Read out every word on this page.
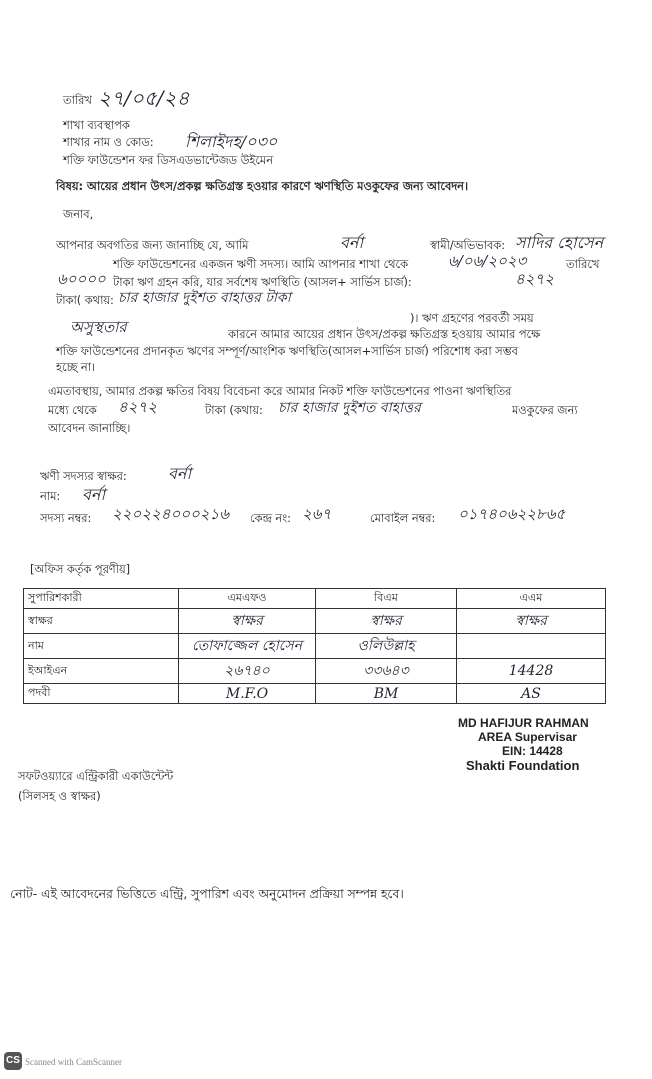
তারিখ ২৭/০৫/২৪
শাখা ব্যবস্থাপক
শাখার নাম ও কোড: শিলাইদহ/০৩০
শক্তি ফাউন্ডেশন ফর ডিসএডভান্টেজড উইমেন
বিষয়: আয়ের প্রধান উৎস/প্রকল্প ক্ষতিগ্রস্ত হওয়ার কারণে ঋণস্থিতি মওকুফের জন্য আবেদন।
জনাব,
আপনার অবগতির জন্য জানাচ্ছি যে, আমি	বর্না	স্বামী/অভিভাবক: সাদির হোসেন
শক্তি ফাউন্ডেশনের একজন ঋণী সদস্য। আমি আপনার শাখা থেকে	৬/০৬/২০২৩	তারিখে
৬০০০০ টাকা ঋণ গ্রহন করি, যার সর্বশেষ ঋণস্থিতি (আসল+ সার্ভিস চার্জ):	৪২৭২
টাকা( কথায়: চার হাজার দুইশত বাহাত্তর টাকা
)। ঋণ গ্রহণের পরবর্তী সময়
অসুস্থতার	কারনে আমার আয়ের প্রধান উৎস/প্রকল্প ক্ষতিগ্রস্ত হওয়ায় আমার পক্ষে
শক্তি ফাউন্ডেশনের প্রদানকৃত ঋণের সম্পূর্ণ/আংশিক ঋণস্থিতি(আসল+সার্ভিস চার্জ) পরিশোধ করা সম্ভব
হচ্ছে না।
এমতাবস্থায়, আমার প্রকল্প ক্ষতির বিষয় বিবেচনা করে আমার নিকট শক্তি ফাউন্ডেশনের পাওনা ঋণস্থিতির
মধ্যে থেকে ৪২৭২	টাকা (কথায়: চার হাজার দুইশত বাহাত্তর	মওকুফের জন্য
আবেদন জানাচ্ছি।
ঋণী সদস্যর স্বাক্ষর:	বর্না
নাম: বর্না
সদস্য নম্বর: ২২০২২৪০০০২১৬ কেন্দ্র নং: ২৬৭	মোবাইল নম্বর: ০১৭৪০৬২২৮৬৫
[অফিস কর্তৃক পূরণীয়]
সুপারিশকারী	এমএফও	বিএম	এএম
স্বাক্ষর	স্বাক্ষর	স্বাক্ষর	স্বাক্ষর
নাম	তোফাজ্জেল হোসেন	ওলিউল্লাহ	
ইআইএন	২৬৭৪০	৩৩৬৪৩	14428
পদবী	M.F.O	BM	AS
MD HAFIJUR RAHMAN
AREA Supervisar
EIN: 14428
Shakti Foundation
সফটওয়্যারে এন্ট্রিকারী একাউন্টেন্ট
(সিলসহ ও স্বাক্ষর)
নোট- এই আবেদনের ভিত্তিতে এন্ট্রি, সুপারিশ এবং অনুমোদন প্রক্রিয়া সম্পন্ন হবে।
CS Scanned with CamScanner
